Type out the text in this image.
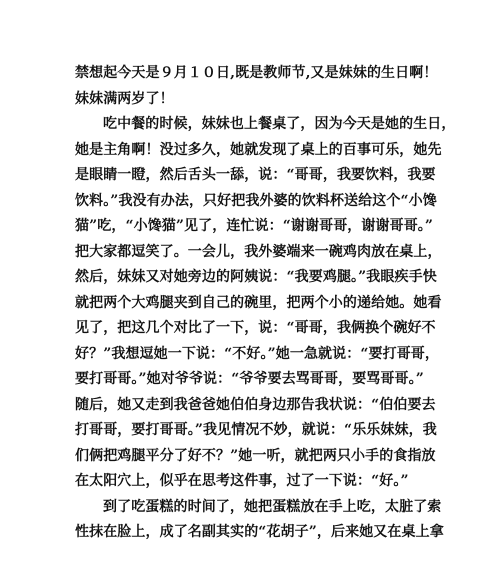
禁想起今天是９月１０日,既是教师节,又是妹妹的生日啊！
妹妹满两岁了！
吃中餐的时候，妹妹也上餐桌了，因为今天是她的生日，
她是主角啊！没过多久，她就发现了桌上的百事可乐，她先
是眼睛一瞪，然后舌头一舔，说：“哥哥，我要饮料，我要
饮料。”我没有办法，只好把我外婆的饮料杯送给这个“小馋
猫”吃，“小馋猫”见了，连忙说：“谢谢哥哥，谢谢哥哥。”
把大家都逗笑了。一会儿，我外婆端来一碗鸡肉放在桌上，
然后，妹妹又对她旁边的阿姨说：“我要鸡腿。”我眼疾手快
就把两个大鸡腿夹到自己的碗里，把两个小的递给她。她看
见了，把这几个对比了一下，说：“哥哥，我俩换个碗好不
好？”我想逗她一下说：“不好。”她一急就说：“要打哥哥，
要打哥哥。”她对爷爷说：“爷爷要去骂哥哥，要骂哥哥。”
随后，她又走到我爸爸她伯伯身边那告我状说：“伯伯要去
打哥哥，要打哥哥。”我见情况不妙，就说：“乐乐妹妹，我
们俩把鸡腿平分了好不？”她一听，就把两只小手的食指放
在太阳穴上，似乎在思考这件事，过了一下说：“好。”
到了吃蛋糕的时间了，她把蛋糕放在手上吃，太脏了索
性抹在脸上，成了名副其实的“花胡子”，后来她又在桌上拿
